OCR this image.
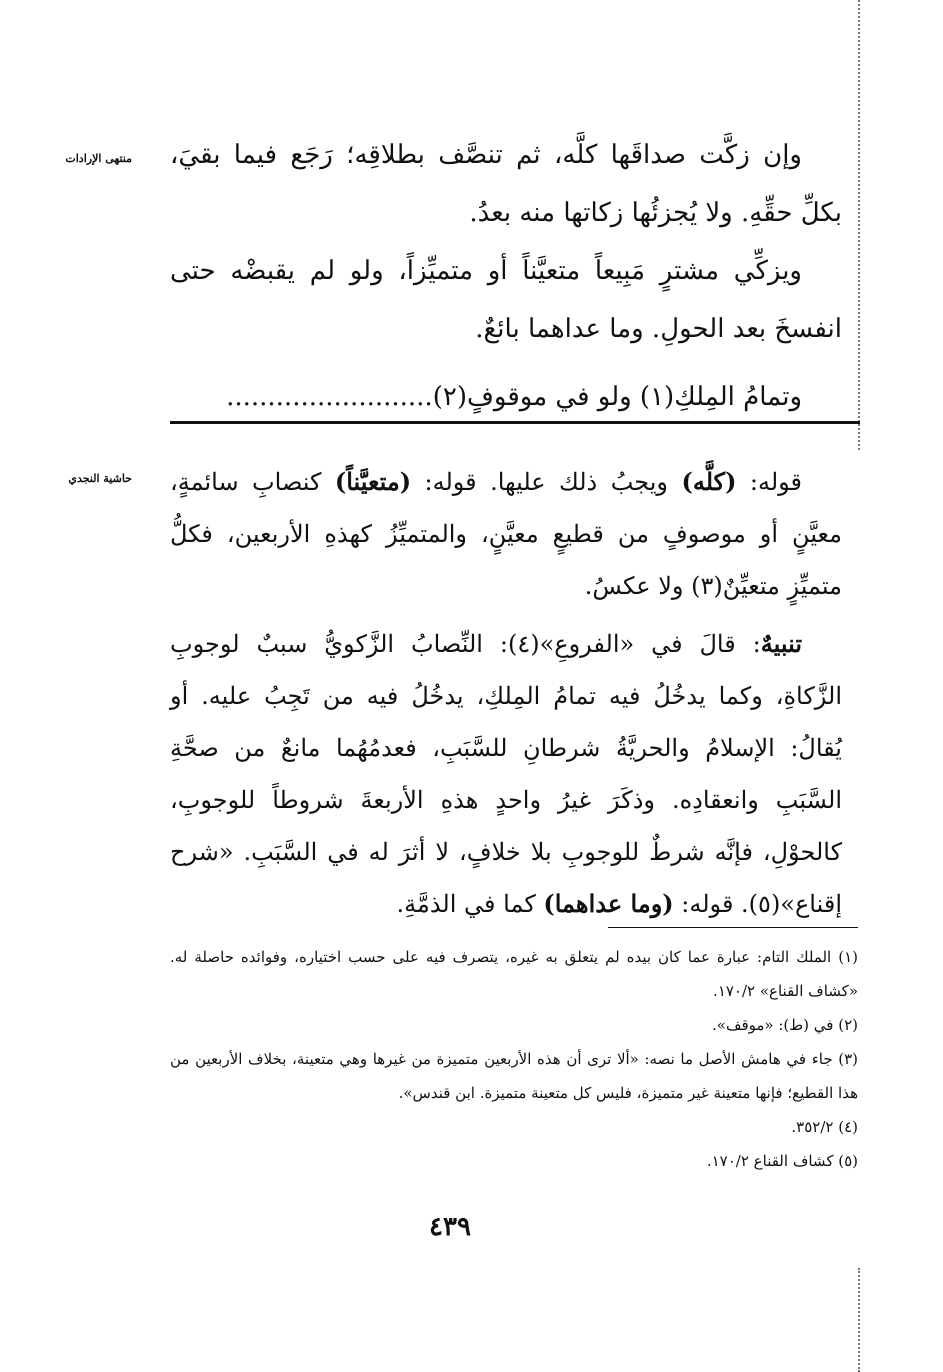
منتهى الإرادات وإن زكَّت صداقَها كلَّه، ثم تنصَّف بطلاقِه؛ رَجَع فيما بقيَ، بكلِّ حقِّهِ. ولا يُجزئُها زكاتها منه بعدُ.

ويزكِّي مشترٍ مَبِيعاً متعيَّناً أو متميِّزاً، ولو لم يقبضْه حتى انفسخَ بعد الحولِ. وما عداهما بائعٌ.

وتمامُ المِلكِ(١) ولو في موقوفٍ(٢).........................
حاشية النجدي	قوله: (كلَّه) ويجبُ ذلك عليها. قوله: (متعيَّناً) كنصابِ سائمةٍ، معيَّنٍ أو موصوفٍ من قطيعٍ معيَّنٍ، والمتميِّزُ كهذهِ الأربعين، فكلُّ متميِّزٍ متعيِّنٌ(٣) ولا عكسُ.

تنبيهٌ: قالَ في «الفروعِ»(٤): النِّصابُ الزَّكويُّ سببٌ لوجوبِ الزَّكاةِ، وكما يدخُلُ فيه تمامُ المِلكِ، يدخُلُ فيه من تَجِبُ عليه. أو يُقالُ: الإسلامُ والحريَّةُ شرطانِ للسَّبَبِ، فعدمُهُما مانعٌ من صحَّةِ السَّبَبِ وانعقادِه. وذكَرَ غيرُ واحدٍ هذهِ الأربعةَ شروطاً للوجوبِ، كالحوْلِ، فإنَّه شرطٌ للوجوبِ بلا خلافٍ، لا أثرَ له في السَّبَبِ. «شرح إقناع»(٥). قوله: (وما عداهما) كما في الذمَّةِ.

(١) الملك التام: عبارة عما كان بيده لم يتعلق به غيره، يتصرف فيه على حسب اختياره، وفوائده حاصلة له. «كشاف القناع» ١٧٠/٢.

(٢) في (ط): «موقف».

(٣) جاء في هامش الأصل ما نصه: «ألا ترى أن هذه الأربعين متميزة من غيرها وهي متعينة، بخلاف الأربعين من هذا القطيع؛ فإنها متعينة غير متميزة، فليس كل متعينة متميزة. ابن قندس».

(٤) ٣٥٢/٢.

(٥) كشاف القناع ١٧٠/٢.

٤٣٩
